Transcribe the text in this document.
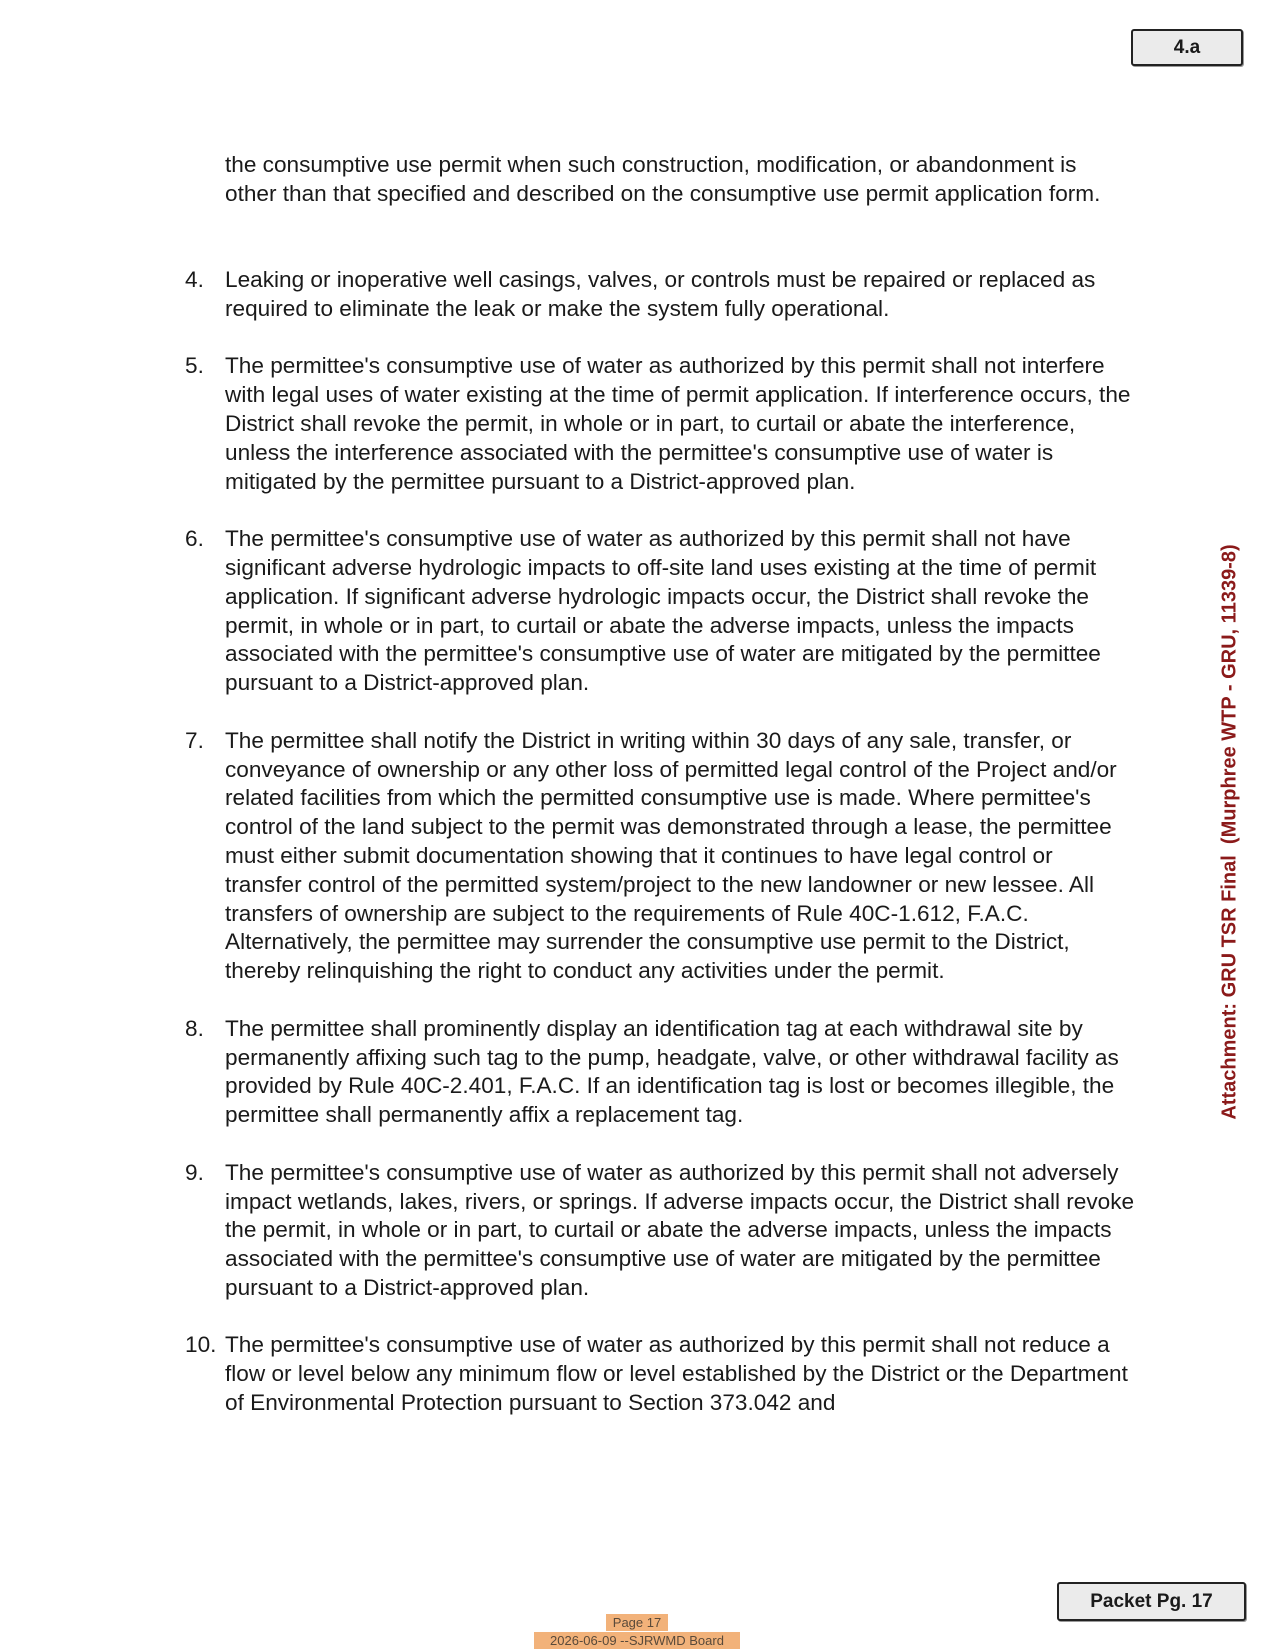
4.a

the consumptive use permit when such construction, modification, or abandonment is other than that specified and described on the consumptive use permit application form.

4. Leaking or inoperative well casings, valves, or controls must be repaired or replaced as required to eliminate the leak or make the system fully operational.
5. The permittee's consumptive use of water as authorized by this permit shall not interfere with legal uses of water existing at the time of permit application. If interference occurs, the District shall revoke the permit, in whole or in part, to curtail or abate the interference, unless the interference associated with the permittee's consumptive use of water is mitigated by the permittee pursuant to a District-approved plan.
6. The permittee's consumptive use of water as authorized by this permit shall not have significant adverse hydrologic impacts to off-site land uses existing at the time of permit application. If significant adverse hydrologic impacts occur, the District shall revoke the permit, in whole or in part, to curtail or abate the adverse impacts, unless the impacts associated with the permittee's consumptive use of water are mitigated by the permittee pursuant to a District-approved plan.
7. The permittee shall notify the District in writing within 30 days of any sale, transfer, or conveyance of ownership or any other loss of permitted legal control of the Project and/or related facilities from which the permitted consumptive use is made. Where permittee's control of the land subject to the permit was demonstrated through a lease, the permittee must either submit documentation showing that it continues to have legal control or transfer control of the permitted system/project to the new landowner or new lessee. All transfers of ownership are subject to the requirements of Rule 40C-1.612, F.A.C. Alternatively, the permittee may surrender the consumptive use permit to the District, thereby relinquishing the right to conduct any activities under the permit.
8. The permittee shall prominently display an identification tag at each withdrawal site by permanently affixing such tag to the pump, headgate, valve, or other withdrawal facility as provided by Rule 40C-2.401, F.A.C. If an identification tag is lost or becomes illegible, the permittee shall permanently affix a replacement tag.
9. The permittee's consumptive use of water as authorized by this permit shall not adversely impact wetlands, lakes, rivers, or springs. If adverse impacts occur, the District shall revoke the permit, in whole or in part, to curtail or abate the adverse impacts, unless the impacts associated with the permittee's consumptive use of water are mitigated by the permittee pursuant to a District-approved plan.
10. The permittee's consumptive use of water as authorized by this permit shall not reduce a flow or level below any minimum flow or level established by the District or the Department of Environmental Protection pursuant to Section 373.042 and
Attachment: GRU TSR Final  (Murphree WTP - GRU, 11339-8)
Packet Pg. 17
Page 17
2026-06-09 --SJRWMD Board
